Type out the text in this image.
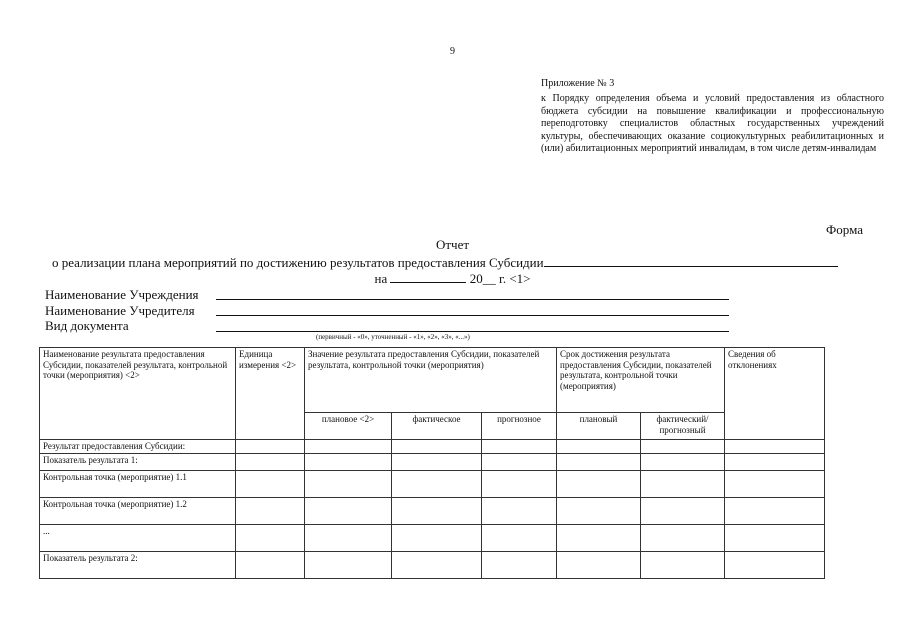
9
Приложение № 3
к Порядку определения объема и условий предоставления из областного бюджета субсидии на повышение квалификации и профессиональную переподготовку специалистов областных государственных учреждений культуры, обеспечивающих оказание социокультурных реабилитационных и (или) абилитационных мероприятий инвалидам, в том числе детям-инвалидам
Форма
Отчет
о реализации плана мероприятий по достижению результатов предоставления Субсидии
на	20__ г. <1>
Наименование Учреждения
Наименование Учредителя
Вид документа
(первичный - «0», уточненный - «1», «2», «3», «...»)
Наименование результата предоставления Субсидии, показателей результата, контрольной точки (мероприятия) <2>	Единица измерения <2>	Значение результата предоставления Субсидии, показателей результата, контрольной точки (мероприятия)			Срок достижения результата предоставления Субсидии, показателей результата, контрольной точки (мероприятия)		Сведения об отклонениях
		плановое <2>	фактическое	прогнозное	плановый	фактический/ прогнозный	
Результат предоставления Субсидии:							
Показатель результата 1:							
Контрольная точка (мероприятие) 1.1							
Контрольная точка (мероприятие) 1.2							
...							
Показатель результата 2:							
